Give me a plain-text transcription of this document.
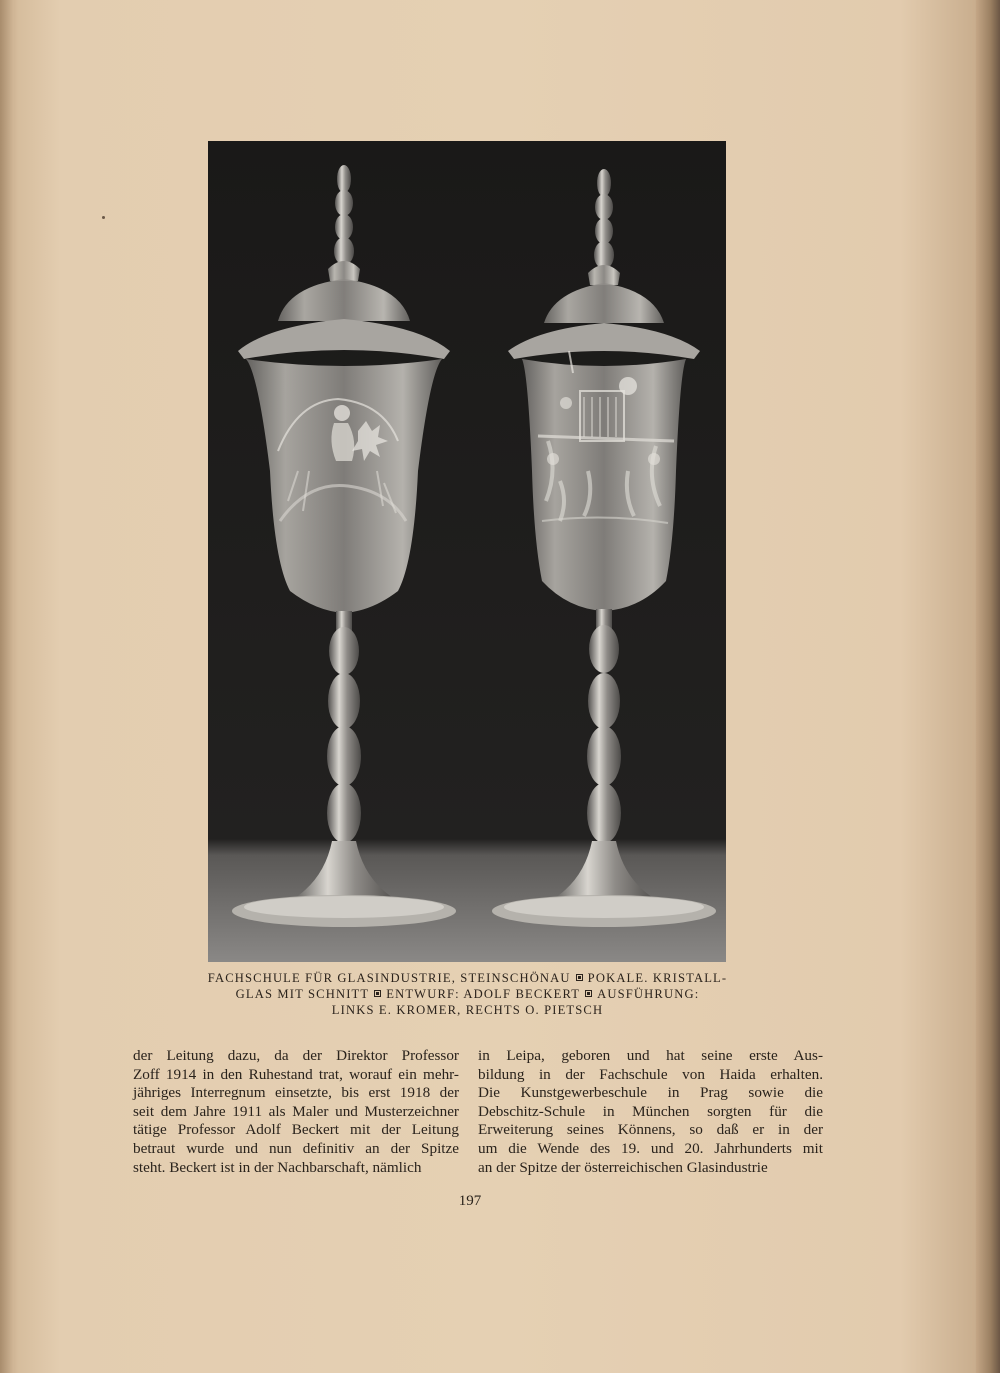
FACHSCHULE FÜR GLASINDUSTRIE, STEINSCHÖNAU POKALE. KRISTALL-
GLAS MIT SCHNITT ENTWURF: ADOLF BECKERT AUSFÜHRUNG:
LINKS E. KROMER, RECHTS O. PIETSCH
der Leitung dazu, da der Direktor Professor
Zoff 1914 in den Ruhestand trat, worauf ein mehr-
jähriges Interregnum einsetzte, bis erst 1918 der
seit dem Jahre 1911 als Maler und Musterzeichner
tätige Professor Adolf Beckert mit der Leitung
betraut wurde und nun definitiv an der Spitze
steht. Beckert ist in der Nachbarschaft, nämlich
in Leipa, geboren und hat seine erste Aus-
bildung in der Fachschule von Haida erhalten.
Die Kunstgewerbeschule in Prag sowie die
Debschitz-Schule in München sorgten für die
Erweiterung seines Könnens, so daß er in der
um die Wende des 19. und 20. Jahrhunderts mit
an der Spitze der österreichischen Glasindustrie
197
